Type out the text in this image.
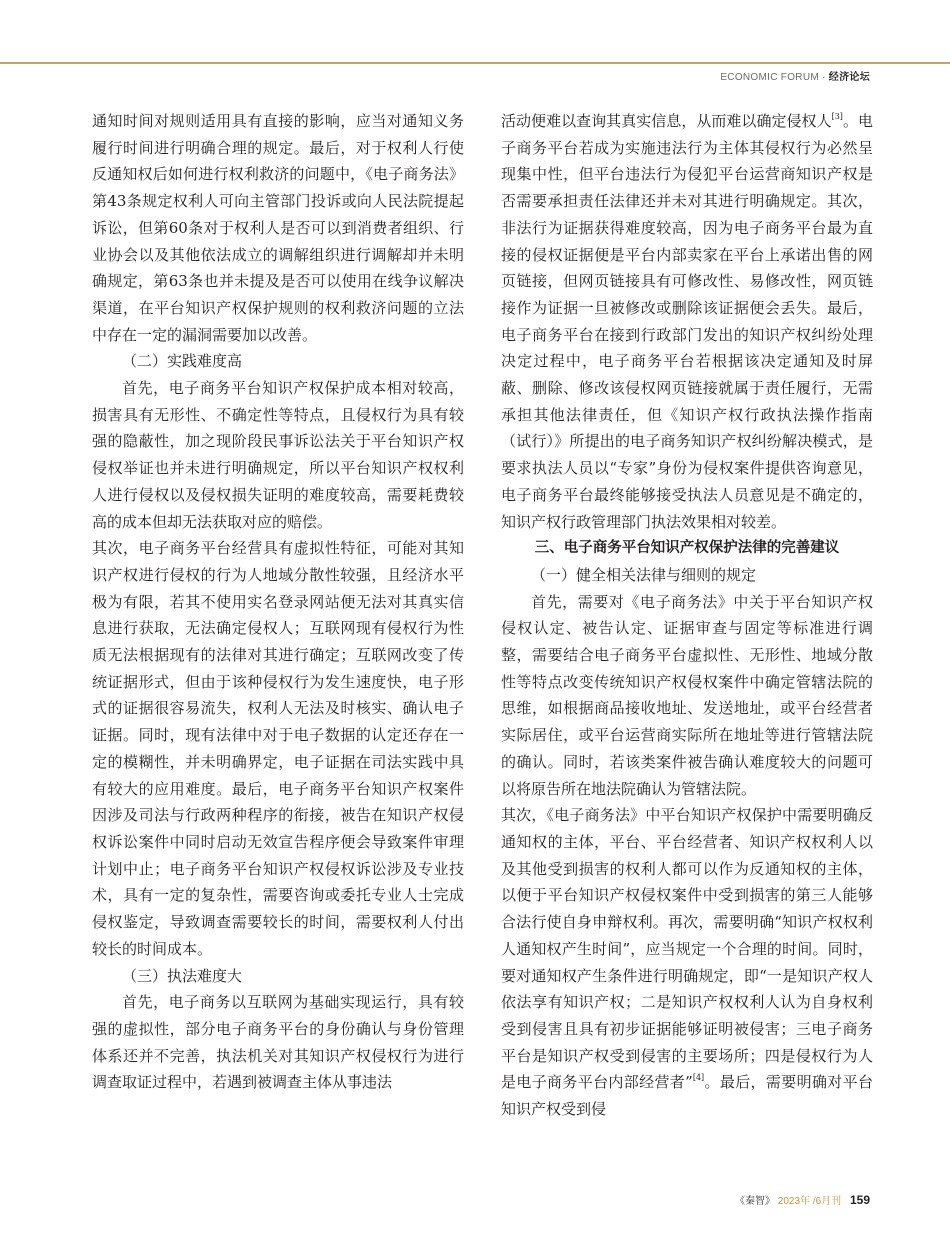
ECONOMIC FORUM · 经济论坛

通知时间对规则适用具有直接的影响，应当对通知义务履行时间进行明确合理的规定。最后，对于权利人行使反通知权后如何进行权利救济的问题中，《电子商务法》第43条规定权利人可向主管部门投诉或向人民法院提起诉讼，但第60条对于权利人是否可以到消费者组织、行业协会以及其他依法成立的调解组织进行调解却并未明确规定，第63条也并未提及是否可以使用在线争议解决渠道，在平台知识产权保护规则的权利救济问题的立法中存在一定的漏洞需要加以改善。

（二）实践难度高

首先，电子商务平台知识产权保护成本相对较高，损害具有无形性、不确定性等特点，且侵权行为具有较强的隐蔽性，加之现阶段民事诉讼法关于平台知识产权侵权举证也并未进行明确规定，所以平台知识产权权利人进行侵权以及侵权损失证明的难度较高，需要耗费较高的成本但却无法获取对应的赔偿。

其次，电子商务平台经营具有虚拟性特征，可能对其知识产权进行侵权的行为人地域分散性较强，且经济水平极为有限，若其不使用实名登录网站便无法对其真实信息进行获取，无法确定侵权人；互联网现有侵权行为性质无法根据现有的法律对其进行确定；互联网改变了传统证据形式，但由于该种侵权行为发生速度快，电子形式的证据很容易流失，权利人无法及时核实、确认电子证据。同时，现有法律中对于电子数据的认定还存在一定的模糊性，并未明确界定，电子证据在司法实践中具有较大的应用难度。最后，电子商务平台知识产权案件因涉及司法与行政两种程序的衔接，被告在知识产权侵权诉讼案件中同时启动无效宣告程序便会导致案件审理计划中止；电子商务平台知识产权侵权诉讼涉及专业技术，具有一定的复杂性，需要咨询或委托专业人士完成侵权鉴定，导致调查需要较长的时间，需要权利人付出较长的时间成本。

（三）执法难度大

首先，电子商务以互联网为基础实现运行，具有较强的虚拟性，部分电子商务平台的身份确认与身份管理体系还并不完善，执法机关对其知识产权侵权行为进行调查取证过程中，若遇到被调查主体从事违法

活动便难以查询其真实信息，从而难以确定侵权人[3]。电子商务平台若成为实施违法行为主体其侵权行为必然呈现集中性，但平台违法行为侵犯平台运营商知识产权是否需要承担责任法律还并未对其进行明确规定。其次，非法行为证据获得难度较高，因为电子商务平台最为直接的侵权证据便是平台内部卖家在平台上承诺出售的网页链接，但网页链接具有可修改性、易修改性，网页链接作为证据一旦被修改或删除该证据便会丢失。最后，电子商务平台在接到行政部门发出的知识产权纠纷处理决定过程中，电子商务平台若根据该决定通知及时屏蔽、删除、修改该侵权网页链接就属于责任履行，无需承担其他法律责任，但《知识产权行政执法操作指南（试行）》所提出的电子商务知识产权纠纷解决模式，是要求执法人员以“专家”身份为侵权案件提供咨询意见，电子商务平台最终能够接受执法人员意见是不确定的，知识产权行政管理部门执法效果相对较差。

三、电子商务平台知识产权保护法律的完善建议

（一）健全相关法律与细则的规定

首先，需要对《电子商务法》中关于平台知识产权侵权认定、被告认定、证据审查与固定等标准进行调整，需要结合电子商务平台虚拟性、无形性、地域分散性等特点改变传统知识产权侵权案件中确定管辖法院的思维，如根据商品接收地址、发送地址，或平台经营者实际居住，或平台运营商实际所在地址等进行管辖法院的确认。同时，若该类案件被告确认难度较大的问题可以将原告所在地法院确认为管辖法院。

其次，《电子商务法》中平台知识产权保护中需要明确反通知权的主体，平台、平台经营者、知识产权权利人以及其他受到损害的权利人都可以作为反通知权的主体，以便于平台知识产权侵权案件中受到损害的第三人能够合法行使自身申辩权利。再次，需要明确“知识产权权利人通知权产生时间”，应当规定一个合理的时间。同时，要对通知权产生条件进行明确规定，即“一是知识产权人依法享有知识产权；二是知识产权权利人认为自身权利受到侵害且具有初步证据能够证明被侵害；三电子商务平台是知识产权受到侵害的主要场所；四是侵权行为人是电子商务平台内部经营者”[4]。最后，需要明确对平台知识产权受到侵

《秦智》 2023年 /6月刊 159
